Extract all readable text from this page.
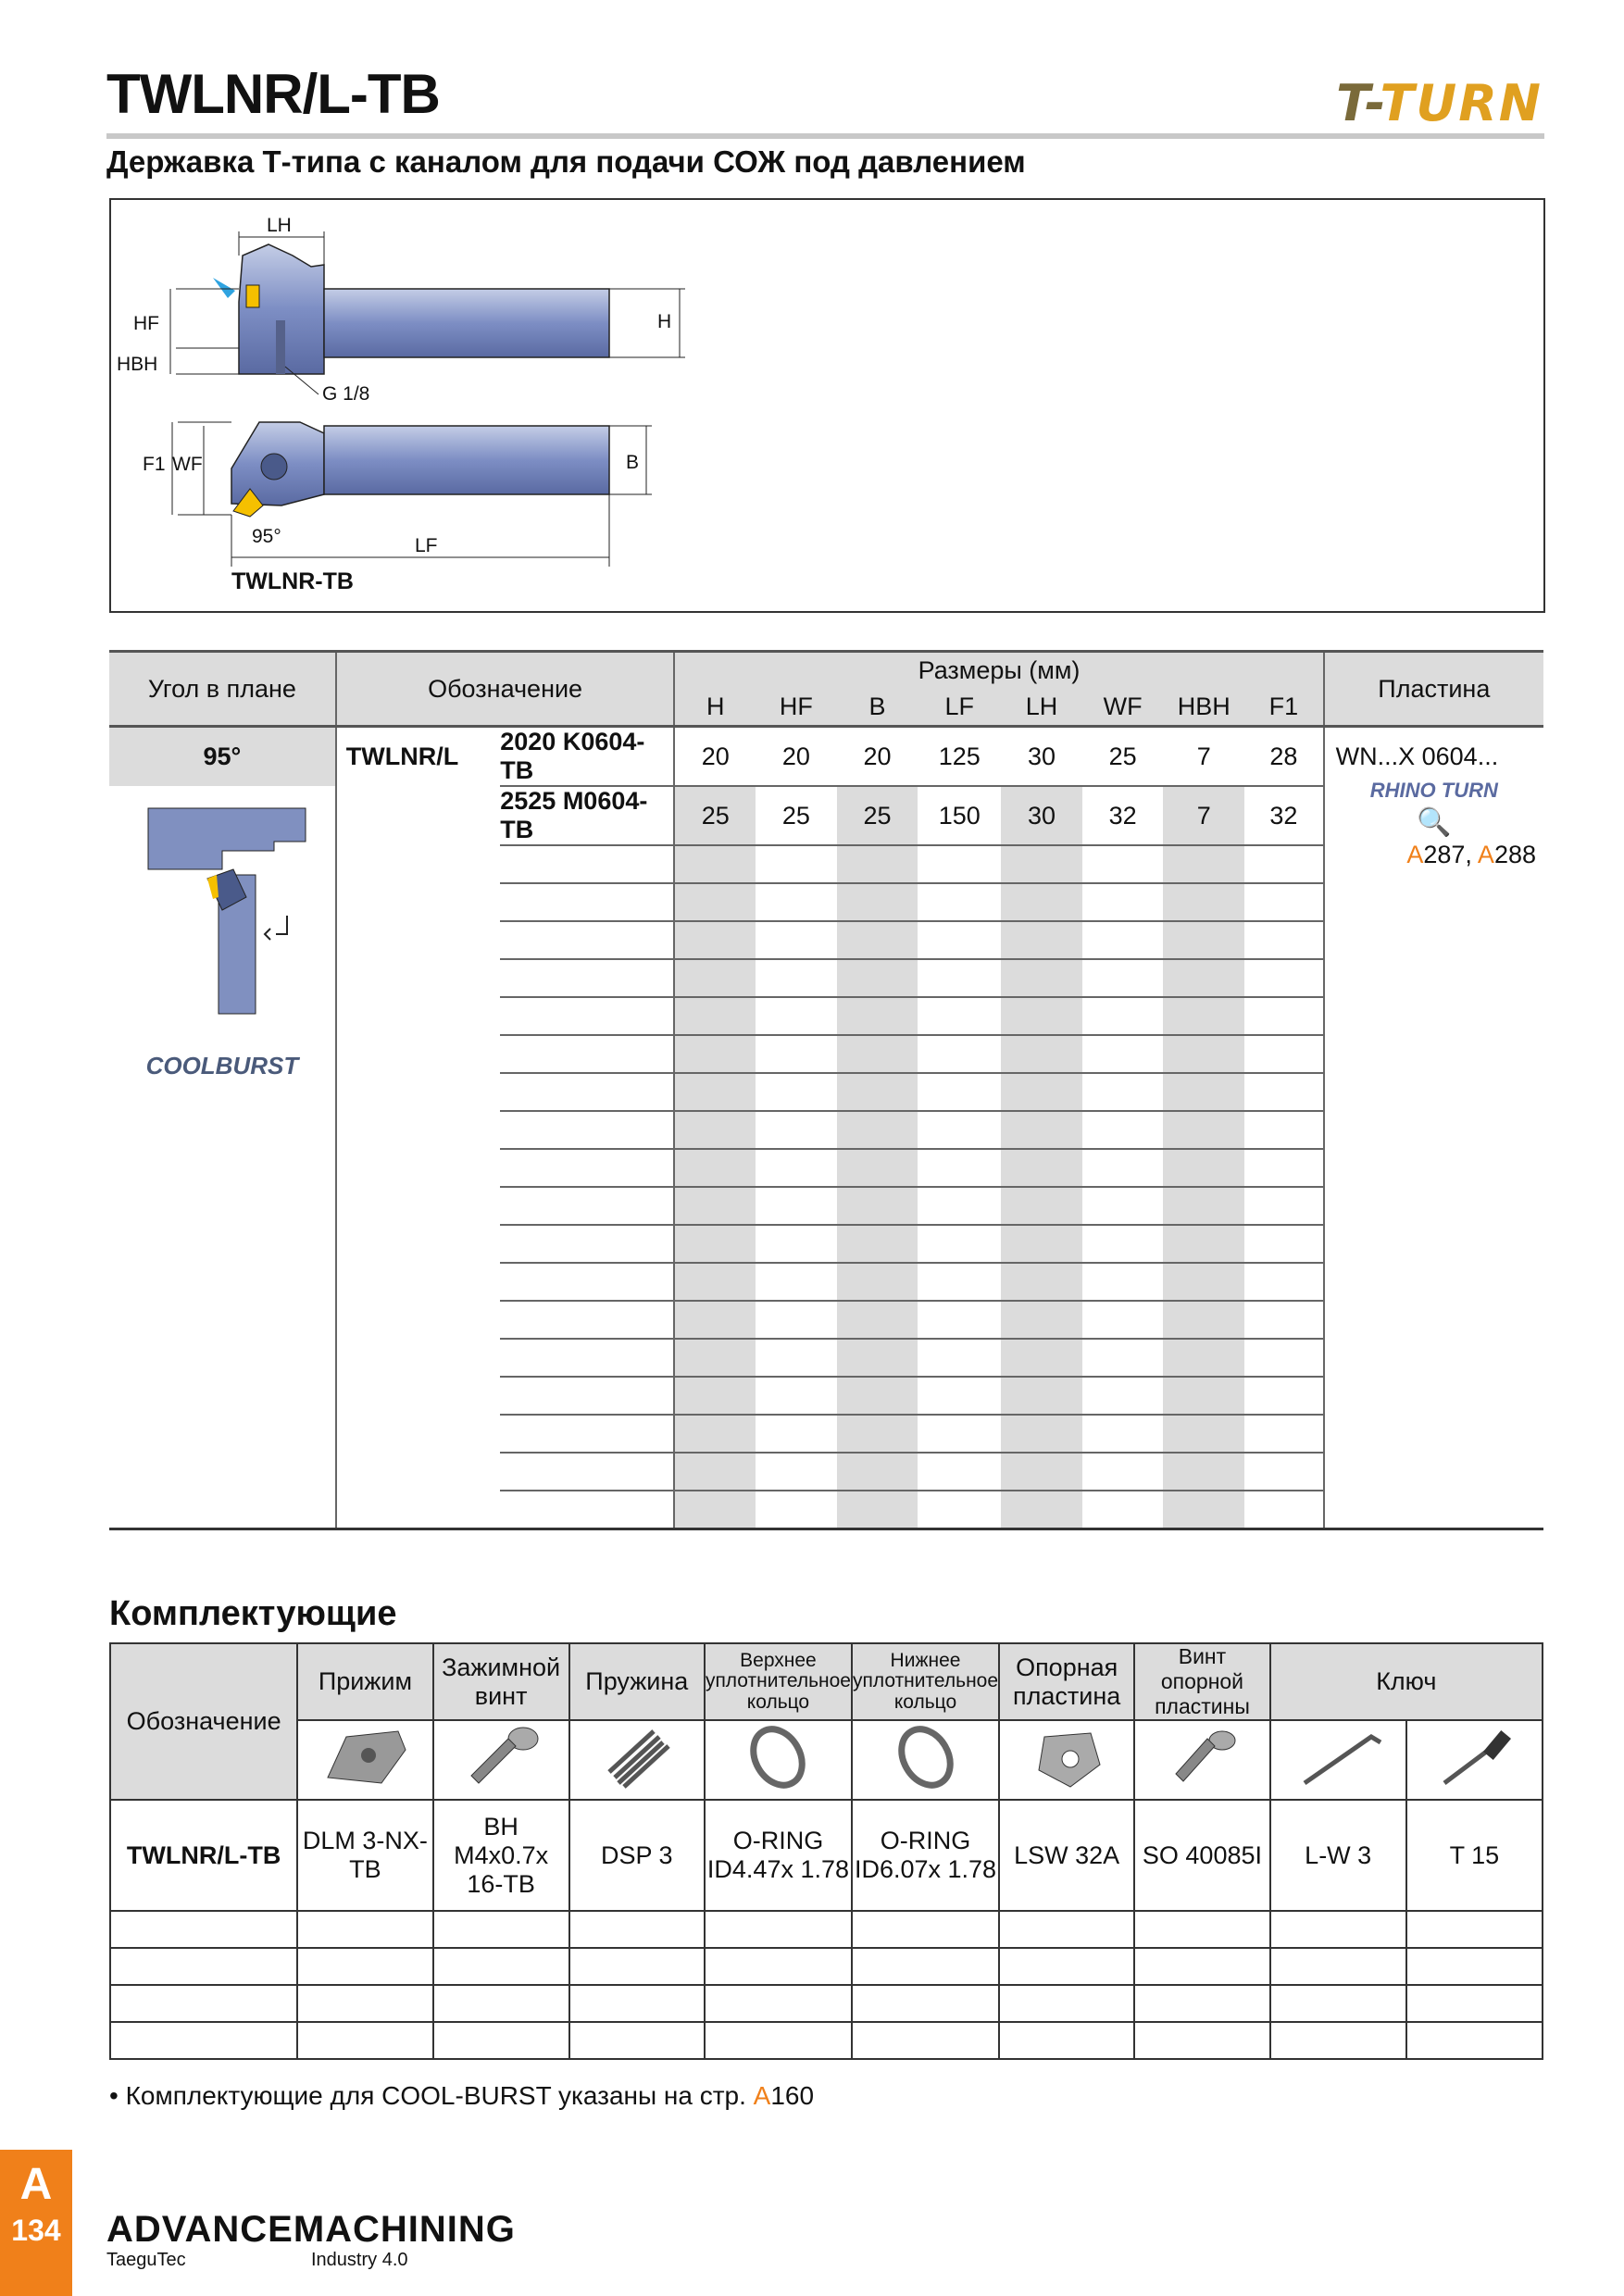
TWLNR/L-TB	T-TURN
Державка Т-типа с каналом для подачи СОЖ под давлением
LH
HF
HBH
H
G 1/8
F1 WF	B
95°	LF
TWLNR-TB
Угол в плане	Обозначение		Размеры (мм)								Пластина
			H	HF	B	LF	LH	WF	HBH	F1	
95°	TWLNR/L	2020 K0604-TB	20	20	20	125	30	25	7	28	WN...X 0604...

COOLBURST		2525 M0604-TB	25	25	25	150	30	32	7	32	RHINO TURN
🔍
A287, A288

Комплектующие
Обозначение	Прижим	Зажимной винт	Пружина	Верхнее уплотнительное кольцо	Нижнее уплотнительное кольцо	Опорная пластина	Винт опорной пластины	Ключ	

TWLNR/L-TB	DLM 3-NX-TB	BH M4x0.7x 16-TB	DSP 3	O-RING ID4.47x 1.78	O-RING ID6.07x 1.78	LSW 32A	SO 40085I	L-W 3	T 15

• Комплектующие для COOL-BURST указаны на стр. A160
A
134	ADVANCEMACHINING
TaeguTec	Industry 4.0
